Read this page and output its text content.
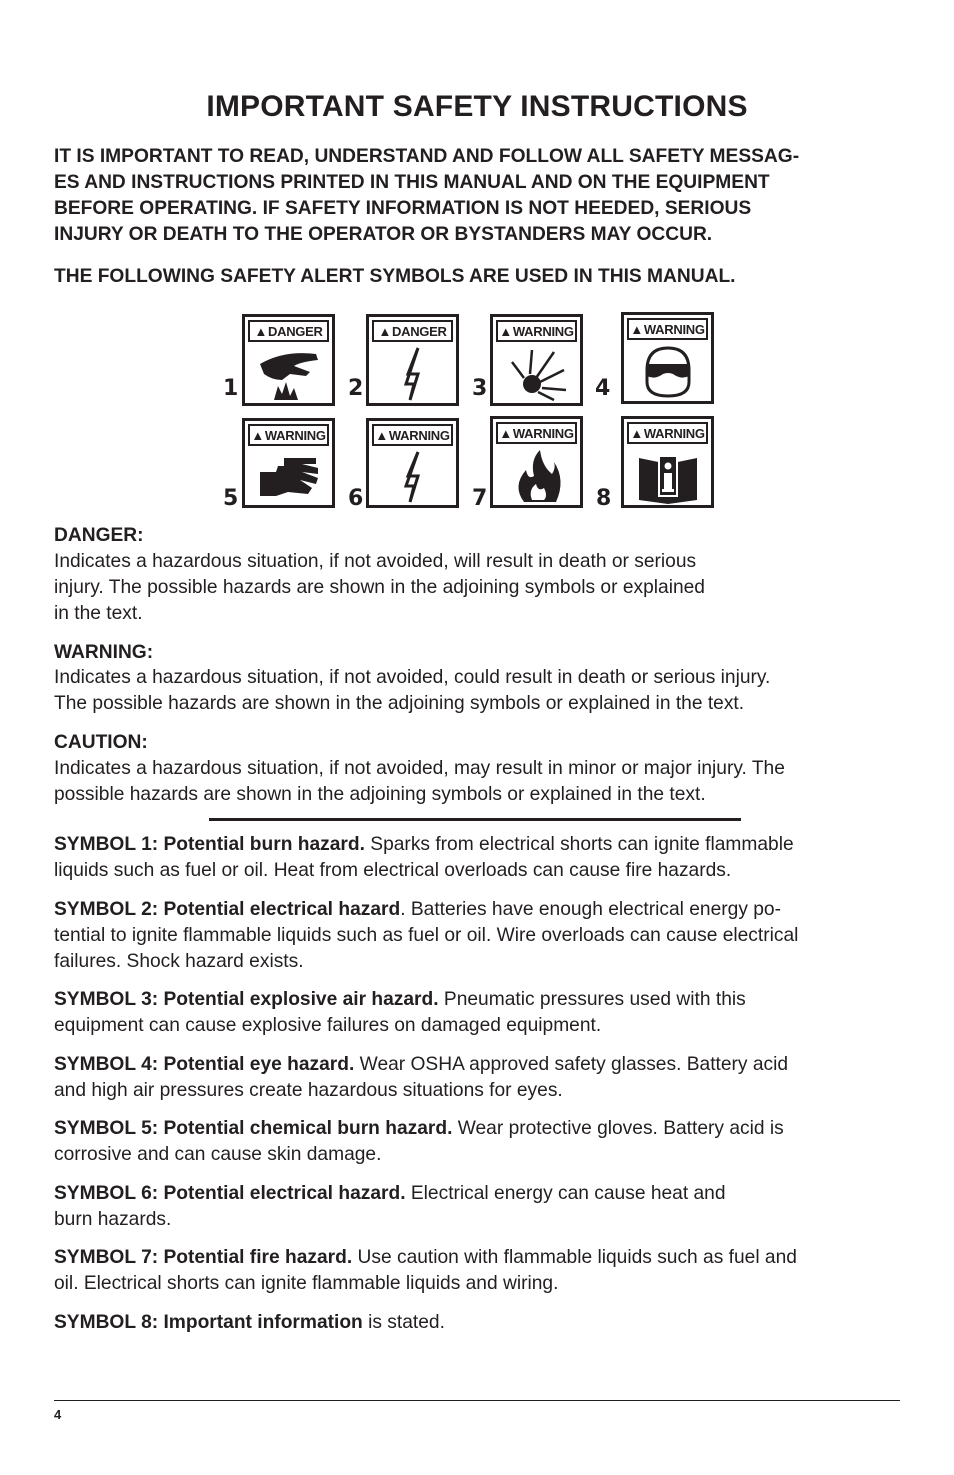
IMPORTANT SAFETY INSTRUCTIONS
IT IS IMPORTANT TO READ, UNDERSTAND AND FOLLOW ALL SAFETY MESSAG-
ES AND INSTRUCTIONS PRINTED IN THIS MANUAL AND ON THE EQUIPMENT
BEFORE OPERATING. IF SAFETY INFORMATION IS NOT HEEDED, SERIOUS
INJURY OR DEATH TO THE OPERATOR OR BYSTANDERS MAY OCCUR.
THE FOLLOWING SAFETY ALERT SYMBOLS ARE USED IN THIS MANUAL.
1
▲ DANGER
2
▲ DANGER
3
▲ WARNING
4
▲ WARNING
5
▲ WARNING
6
▲ WARNING
7
▲ WARNING
8
▲ WARNING
DANGER:
Indicates a hazardous situation, if not avoided, will result in death or serious
injury. The possible hazards are shown in the adjoining symbols or explained
in the text.
WARNING:
Indicates a hazardous situation, if not avoided, could result in death or serious injury.
The possible hazards are shown in the adjoining symbols or explained in the text.
CAUTION:
Indicates a hazardous situation, if not avoided, may result in minor or major injury. The
possible hazards are shown in the adjoining symbols or explained in the text.
SYMBOL 1: Potential burn hazard. Sparks from electrical shorts can ignite flammable
liquids such as fuel or oil. Heat from electrical overloads can cause fire hazards.
SYMBOL 2: Potential electrical hazard. Batteries have enough electrical energy po-
tential to ignite flammable liquids such as fuel or oil. Wire overloads can cause electrical
failures. Shock hazard exists.
SYMBOL 3: Potential explosive air hazard. Pneumatic pressures used with this
equipment can cause explosive failures on damaged equipment.
SYMBOL 4: Potential eye hazard. Wear OSHA approved safety glasses. Battery acid
and high air pressures create hazardous situations for eyes.
SYMBOL 5: Potential chemical burn hazard. Wear protective gloves. Battery acid is
corrosive and can cause skin damage.
SYMBOL 6: Potential electrical hazard. Electrical energy can cause heat and
burn hazards.
SYMBOL 7: Potential fire hazard. Use caution with flammable liquids such as fuel and
oil. Electrical shorts can ignite flammable liquids and wiring.
SYMBOL 8: Important information is stated.
4
